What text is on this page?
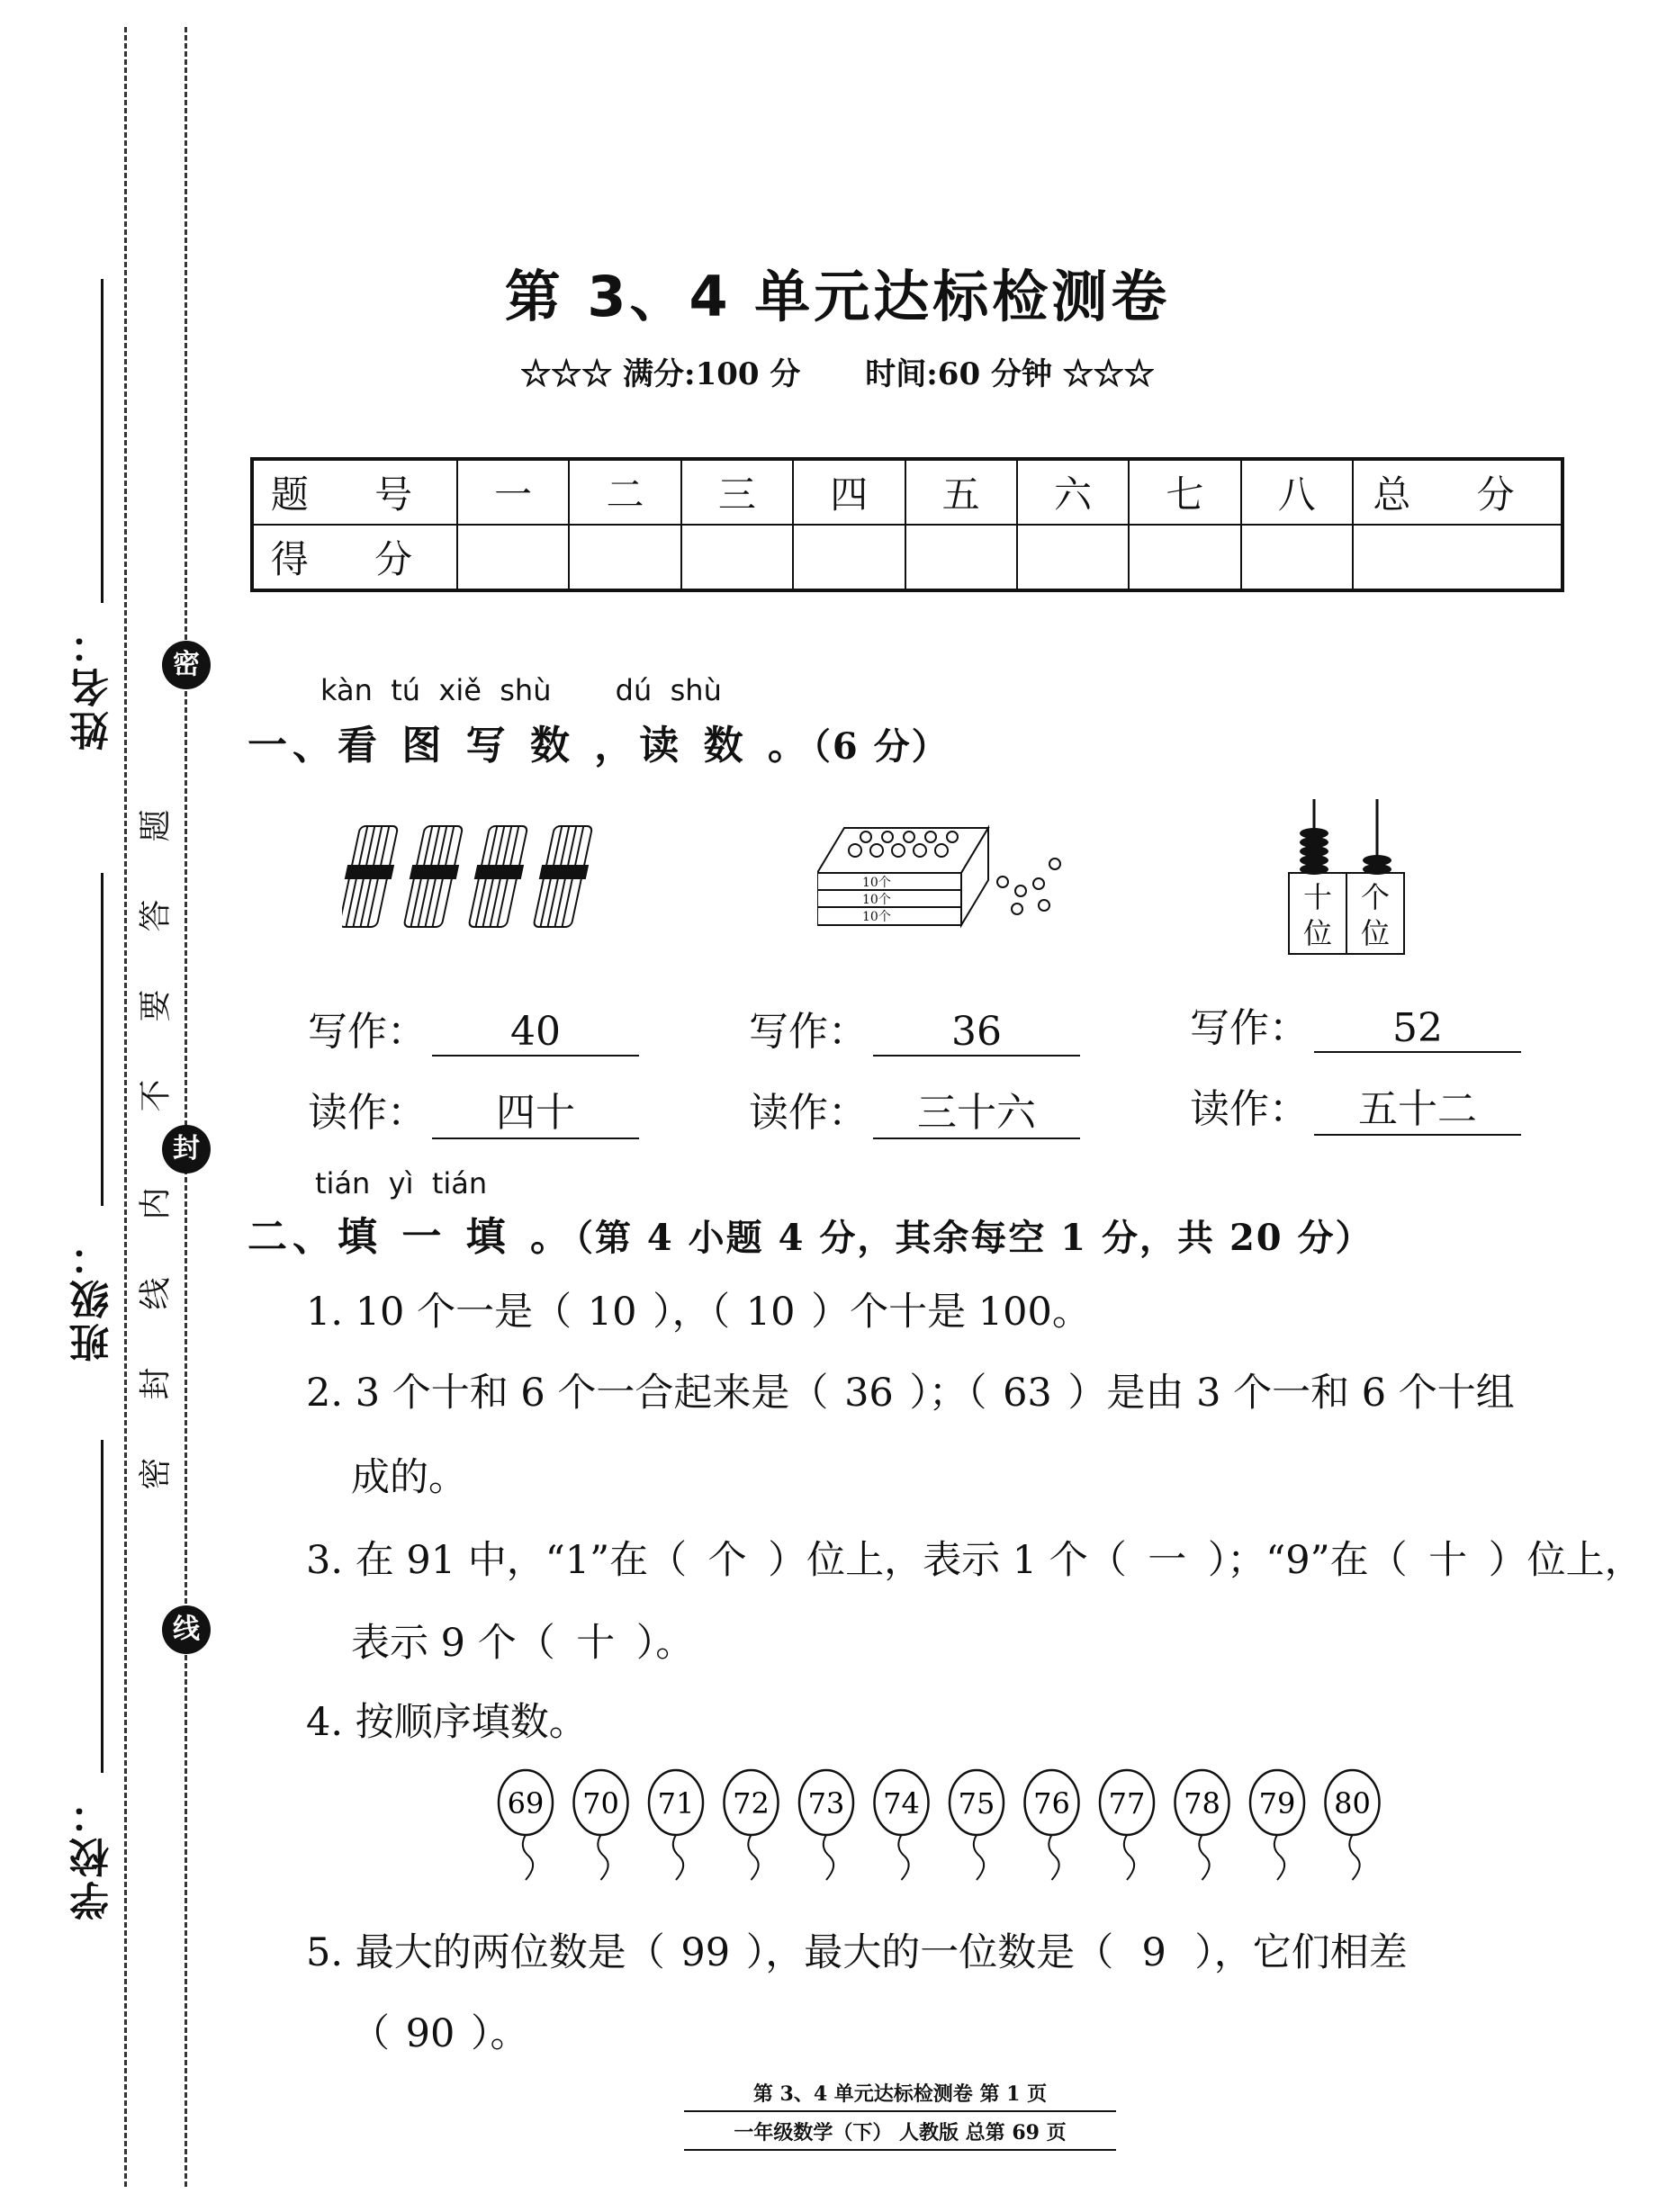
姓名：
班级：
学校：
密
封
线
题
答
要
不
内
线
封
密
第 3、4 单元达标检测卷
☆☆☆ 满分:100 分 时间:60 分钟 ☆☆☆
题 号	一	二	三	四	五	六	七	八	总 分
得 分									
kàn  tú  xiě  shù       dú  shù
一、看 图 写 数 ，读 数 。（6 分）
10个
10个
10个
十
位
个
位
写作： 40
读作： 四十
写作： 36
读作： 三十六
写作： 52
读作： 五十二
tián  yì  tián
二、填 一 填 。（第 4 小题 4 分，其余每空 1 分，共 20 分）
1. 10 个一是（ 10 ），（ 10 ）个十是 100。
2. 3 个十和 6 个一合起来是（ 36 ）；（ 63 ）是由 3 个一和 6 个十组
成的。
3. 在 91 中，“1”在（ 个 ）位上，表示 1 个（ 一 ）；“9”在（ 十 ）位上，
表示 9 个（ 十 ）。
4. 按顺序填数。
69 70 71 72 73 74 75 76 77 78 79 80
5. 最大的两位数是（ 99 ），最大的一位数是（ 9 ），它们相差
（ 90 ）。
第 3、4 单元达标检测卷 第 1 页
一年级数学（下） 人教版 总第 69 页
